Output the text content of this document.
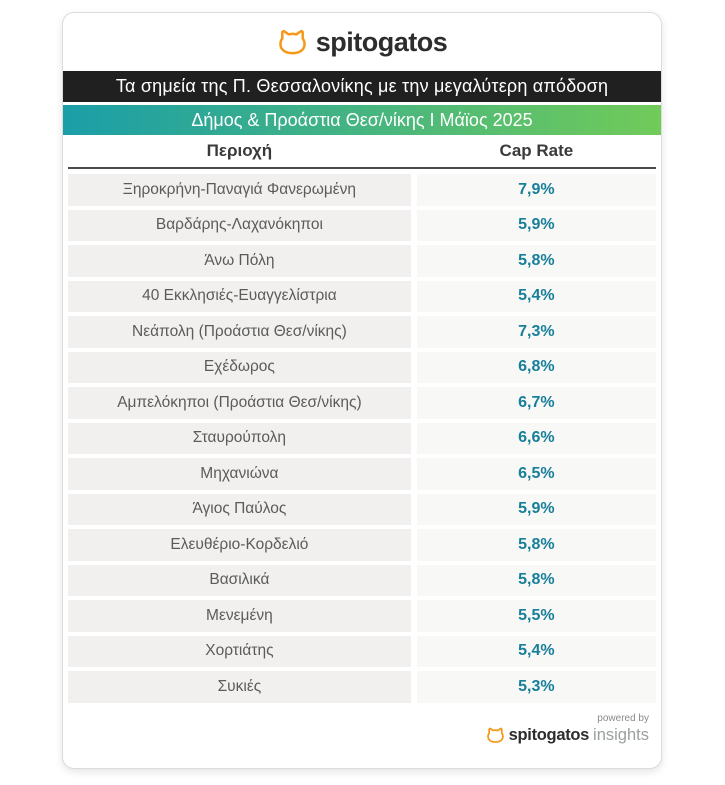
spitogatos
Τα σημεία της Π. Θεσσαλονίκης με την μεγαλύτερη απόδοση
Δήμος & Προάστια Θεσ/νίκης I Μάϊος 2025
Περιοχή	Cap Rate
Ξηροκρήνη-Παναγιά Φανερωμένη	7,9%
Βαρδάρης-Λαχανόκηποι	5,9%
Άνω Πόλη	5,8%
40 Εκκλησιές-Ευαγγελίστρια	5,4%
Νεάπολη (Προάστια Θεσ/νίκης)	7,3%
Εχέδωρος	6,8%
Αμπελόκηποι (Προάστια Θεσ/νίκης)	6,7%
Σταυρούπολη	6,6%
Μηχανιώνα	6,5%
Άγιος Παύλος	5,9%
Ελευθέριο-Κορδελιό	5,8%
Βασιλικά	5,8%
Μενεμένη	5,5%
Χορτιάτης	5,4%
Συκιές	5,3%
powered by
spitogatos insights
